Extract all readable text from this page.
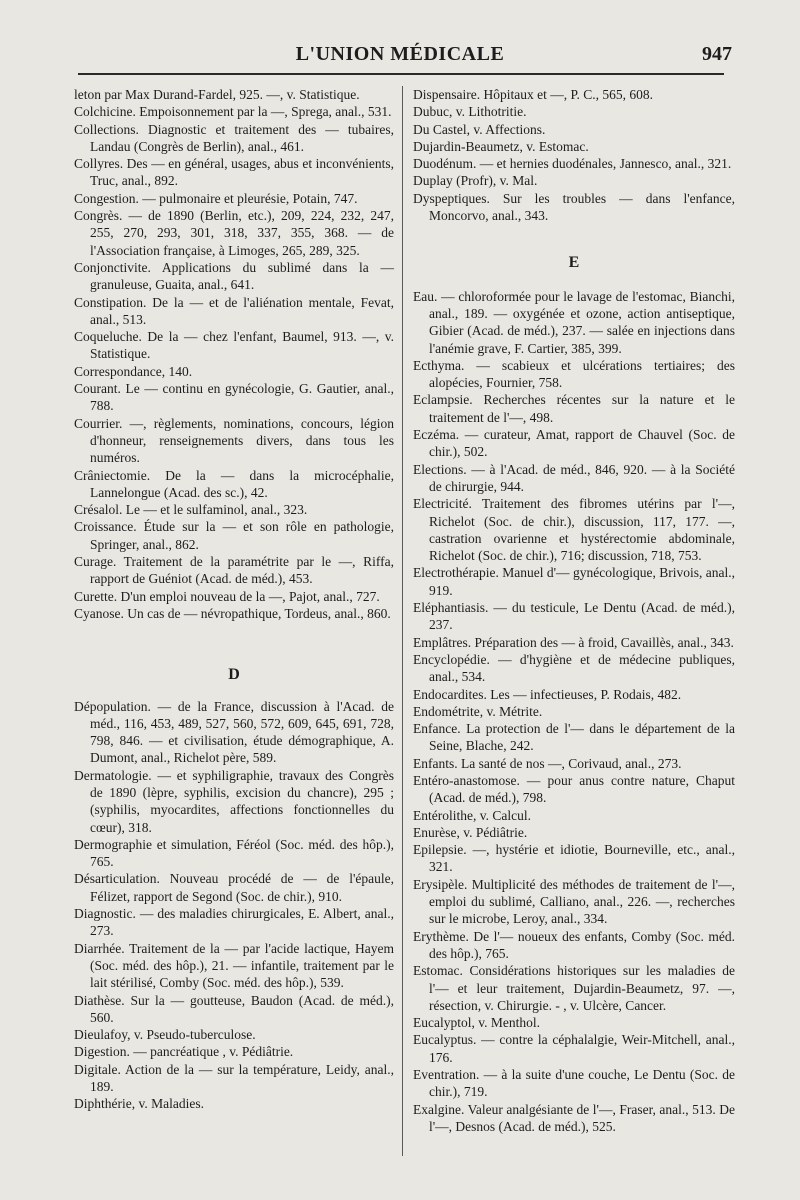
L'UNION MÉDICALE	947

leton par Max Durand-Fardel, 925. —, v. Statistique.

Colchicine. Empoisonnement par la —, Sprega, anal., 531.

Collections. Diagnostic et traitement des — tubaires, Landau (Congrès de Berlin), anal., 461.

Collyres. Des — en général, usages, abus et inconvénients, Truc, anal., 892.

Congestion. — pulmonaire et pleurésie, Potain, 747.

Congrès. — de 1890 (Berlin, etc.), 209, 224, 232, 247, 255, 270, 293, 301, 318, 337, 355, 368. — de l'Association française, à Limoges, 265, 289, 325.

Conjonctivite. Applications du sublimé dans la — granuleuse, Guaita, anal., 641.

Constipation. De la — et de l'aliénation mentale, Fevat, anal., 513.

Coqueluche. De la — chez l'enfant, Baumel, 913. —, v. Statistique.

Correspondance, 140.

Courant. Le — continu en gynécologie, G. Gautier, anal., 788.

Courrier. —, règlements, nominations, concours, légion d'honneur, renseignements divers, dans tous les numéros.

Crâniectomie. De la — dans la microcéphalie, Lannelongue (Acad. des sc.), 42.

Crésalol. Le — et le sulfaminol, anal., 323.

Croissance. Étude sur la — et son rôle en pathologie, Springer, anal., 862.

Curage. Traitement de la paramétrite par le —, Riffa, rapport de Guéniot (Acad. de méd.), 453.

Curette. D'un emploi nouveau de la —, Pajot, anal., 727.

Cyanose. Un cas de — névropathique, Tordeus, anal., 860.

D

Dépopulation. — de la France, discussion à l'Acad. de méd., 116, 453, 489, 527, 560, 572, 609, 645, 691, 728, 798, 846. — et civilisation, étude démographique, A. Dumont, anal., Richelot père, 589.

Dermatologie. — et syphiligraphie, travaux des Congrès de 1890 (lèpre, syphilis, excision du chancre), 295 ; (syphilis, myocardites, affections fonctionnelles du cœur), 318.

Dermographie et simulation, Féréol (Soc. méd. des hôp.), 765.

Désarticulation. Nouveau procédé de — de l'épaule, Félizet, rapport de Segond (Soc. de chir.), 910.

Diagnostic. — des maladies chirurgicales, E. Albert, anal., 273.

Diarrhée. Traitement de la — par l'acide lactique, Hayem (Soc. méd. des hôp.), 21. — infantile, traitement par le lait stérilisé, Comby (Soc. méd. des hôp.), 539.

Diathèse. Sur la — goutteuse, Baudon (Acad. de méd.), 560.

Dieulafoy, v. Pseudo-tuberculose.

Digestion. — pancréatique , v. Pédiâtrie.

Digitale. Action de la — sur la température, Leidy, anal., 189.

Diphthérie, v. Maladies.

Dispensaire. Hôpitaux et —, P. C., 565, 608.

Dubuc, v. Lithotritie.

Du Castel, v. Affections.

Dujardin-Beaumetz, v. Estomac.

Duodénum. — et hernies duodénales, Jannesco, anal., 321.

Duplay (Profr), v. Mal.

Dyspeptiques. Sur les troubles — dans l'enfance, Moncorvo, anal., 343.

E

Eau. — chloroformée pour le lavage de l'estomac, Bianchi, anal., 189. — oxygénée et ozone, action antiseptique, Gibier (Acad. de méd.), 237. — salée en injections dans l'anémie grave, F. Cartier, 385, 399.

Ecthyma. — scabieux et ulcérations tertiaires; des alopécies, Fournier, 758.

Eclampsie. Recherches récentes sur la nature et le traitement de l'—, 498.

Eczéma. — curateur, Amat, rapport de Chauvel (Soc. de chir.), 502.

Elections. — à l'Acad. de méd., 846, 920. — à la Société de chirurgie, 944.

Electricité. Traitement des fibromes utérins par l'—, Richelot (Soc. de chir.), discussion, 117, 177. —, castration ovarienne et hystérectomie abdominale, Richelot (Soc. de chir.), 716; discussion, 718, 753.

Electrothérapie. Manuel d'— gynécologique, Brivois, anal., 919.

Eléphantiasis. — du testicule, Le Dentu (Acad. de méd.), 237.

Emplâtres. Préparation des — à froid, Cavaillès, anal., 343.

Encyclopédie. — d'hygiène et de médecine publiques, anal., 534.

Endocardites. Les — infectieuses, P. Rodais, 482.

Endométrite, v. Métrite.

Enfance. La protection de l'— dans le département de la Seine, Blache, 242.

Enfants. La santé de nos —, Corivaud, anal., 273.

Entéro-anastomose. — pour anus contre nature, Chaput (Acad. de méd.), 798.

Entérolithe, v. Calcul.

Enurèse, v. Pédiâtrie.

Epilepsie. —, hystérie et idiotie, Bourneville, etc., anal., 321.

Erysipèle. Multiplicité des méthodes de traitement de l'—, emploi du sublimé, Calliano, anal., 226. —, recherches sur le microbe, Leroy, anal., 334.

Erythème. De l'— noueux des enfants, Comby (Soc. méd. des hôp.), 765.

Estomac. Considérations historiques sur les maladies de l'— et leur traitement, Dujardin-Beaumetz, 97. —, résection, v. Chirurgie. - , v. Ulcère, Cancer.

Eucalyptol, v. Menthol.

Eucalyptus. — contre la céphalalgie, Weir-Mitchell, anal., 176.

Eventration. — à la suite d'une couche, Le Dentu (Soc. de chir.), 719.

Exalgine. Valeur analgésiante de l'—, Fraser, anal., 513. De l'—, Desnos (Acad. de méd.), 525.
